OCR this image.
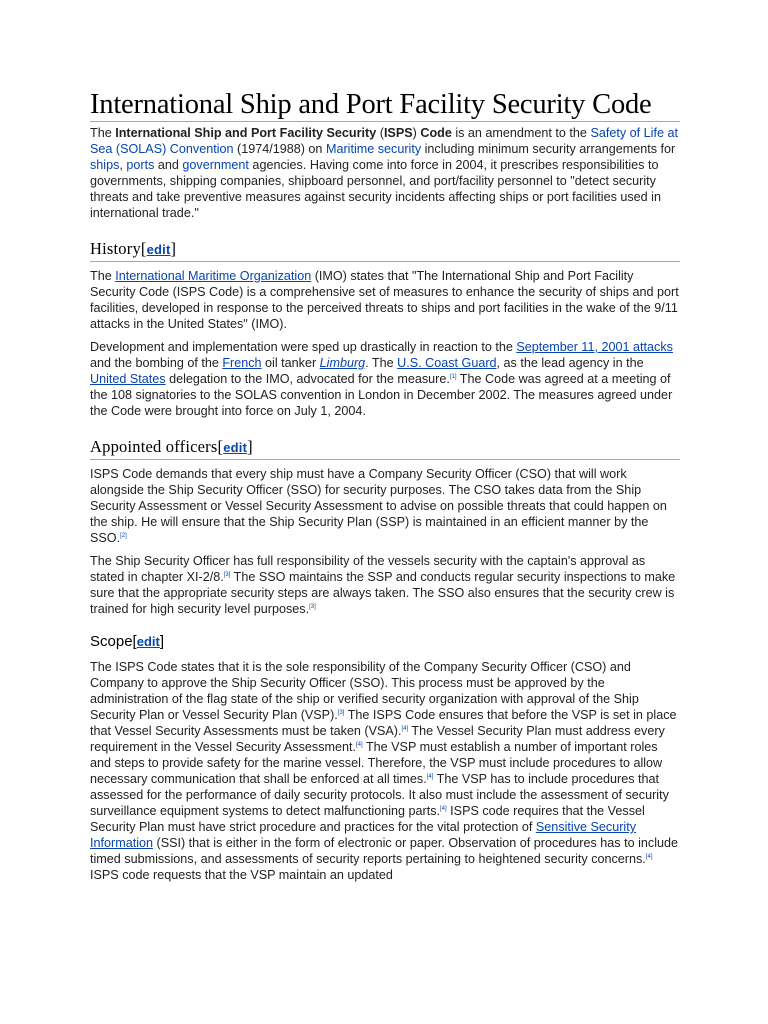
International Ship and Port Facility Security Code

The International Ship and Port Facility Security (ISPS) Code is an amendment to the Safety of Life at Sea (SOLAS) Convention (1974/1988) on Maritime security including minimum security arrangements for ships, ports and government agencies. Having come into force in 2004, it prescribes responsibilities to governments, shipping companies, shipboard personnel, and port/facility personnel to "detect security threats and take preventive measures against security incidents affecting ships or port facilities used in international trade."

History[edit]

The International Maritime Organization (IMO) states that "The International Ship and Port Facility Security Code (ISPS Code) is a comprehensive set of measures to enhance the security of ships and port facilities, developed in response to the perceived threats to ships and port facilities in the wake of the 9/11 attacks in the United States" (IMO).

Development and implementation were sped up drastically in reaction to the September 11, 2001 attacks and the bombing of the French oil tanker Limburg. The U.S. Coast Guard, as the lead agency in the United States delegation to the IMO, advocated for the measure.[1] The Code was agreed at a meeting of the 108 signatories to the SOLAS convention in London in December 2002. The measures agreed under the Code were brought into force on July 1, 2004.

Appointed officers[edit]

ISPS Code demands that every ship must have a Company Security Officer (CSO) that will work alongside the Ship Security Officer (SSO) for security purposes. The CSO takes data from the Ship Security Assessment or Vessel Security Assessment to advise on possible threats that could happen on the ship. He will ensure that the Ship Security Plan (SSP) is maintained in an efficient manner by the SSO.[2]

The Ship Security Officer has full responsibility of the vessels security with the captain's approval as stated in chapter XI-2/8.[3] The SSO maintains the SSP and conducts regular security inspections to make sure that the appropriate security steps are always taken. The SSO also ensures that the security crew is trained for high security level purposes.[3]

Scope[edit]

The ISPS Code states that it is the sole responsibility of the Company Security Officer (CSO) and Company to approve the Ship Security Officer (SSO). This process must be approved by the administration of the flag state of the ship or verified security organization with approval of the Ship Security Plan or Vessel Security Plan (VSP).[3] The ISPS Code ensures that before the VSP is set in place that Vessel Security Assessments must be taken (VSA).[4] The Vessel Security Plan must address every requirement in the Vessel Security Assessment.[4] The VSP must establish a number of important roles and steps to provide safety for the marine vessel. Therefore, the VSP must include procedures to allow necessary communication that shall be enforced at all times.[4] The VSP has to include procedures that assessed for the performance of daily security protocols. It also must include the assessment of security surveillance equipment systems to detect malfunctioning parts.[4] ISPS code requires that the Vessel Security Plan must have strict procedure and practices for the vital protection of Sensitive Security Information (SSI) that is either in the form of electronic or paper. Observation of procedures has to include timed submissions, and assessments of security reports pertaining to heightened security concerns.[4] ISPS code requests that the VSP maintain an updated
